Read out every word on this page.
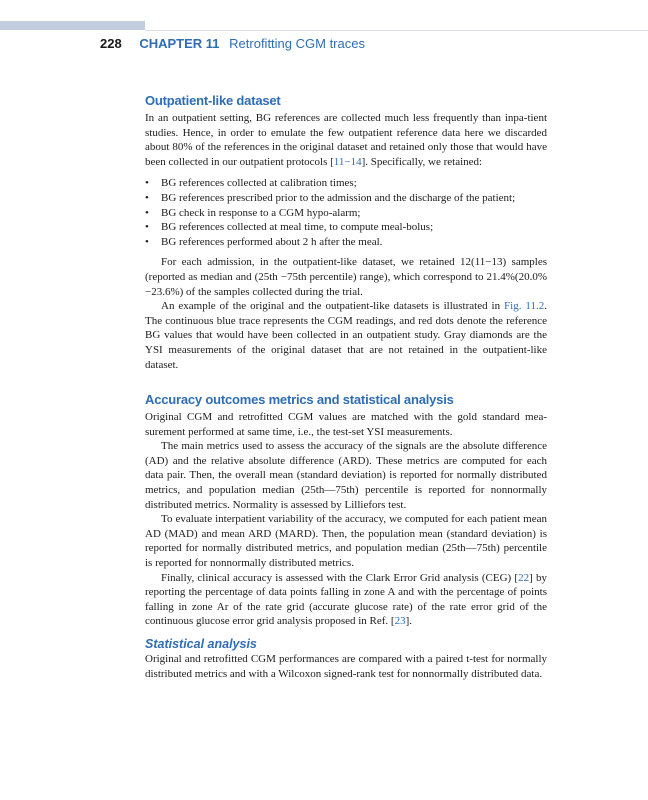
228 CHAPTER 11 Retrofitting CGM traces
Outpatient-like dataset

In an outpatient setting, BG references are collected much less frequently than inpa-tient studies. Hence, in order to emulate the few outpatient reference data here we discarded about 80% of the references in the original dataset and retained only those that would have been collected in our outpatient protocols [11−14]. Specifically, we retained:

• BG references collected at calibration times;
• BG references prescribed prior to the admission and the discharge of the patient;
• BG check in response to a CGM hypo-alarm;
• BG references collected at meal time, to compute meal-bolus;
• BG references performed about 2 h after the meal.

For each admission, in the outpatient-like dataset, we retained 12(11−13) samples (reported as median and (25th −75th percentile) range), which correspond to 21.4%(20.0% −23.6%) of the samples collected during the trial.

An example of the original and the outpatient-like datasets is illustrated in Fig. 11.2. The continuous blue trace represents the CGM readings, and red dots denote the reference BG values that would have been collected in an outpatient study. Gray diamonds are the YSI measurements of the original dataset that are not retained in the outpatient-like dataset.

Accuracy outcomes metrics and statistical analysis

Original CGM and retrofitted CGM values are matched with the gold standard mea-surement performed at same time, i.e., the test-set YSI measurements.

The main metrics used to assess the accuracy of the signals are the absolute difference (AD) and the relative absolute difference (ARD). These metrics are computed for each data pair. Then, the overall mean (standard deviation) is reported for normally distributed metrics, and population median (25th—75th) percentile is reported for nonnormally distributed metrics. Normality is assessed by Lilliefors test.

To evaluate interpatient variability of the accuracy, we computed for each patient mean AD (MAD) and mean ARD (MARD). Then, the population mean (standard deviation) is reported for normally distributed metrics, and population median (25th—75th) percentile is reported for nonnormally distributed metrics.

Finally, clinical accuracy is assessed with the Clark Error Grid analysis (CEG) [22] by reporting the percentage of data points falling in zone A and with the percentage of points falling in zone Ar of the rate grid (accurate glucose rate) of the rate error grid of the continuous glucose error grid analysis proposed in Ref. [23].

Statistical analysis

Original and retrofitted CGM performances are compared with a paired t-test for normally distributed metrics and with a Wilcoxon signed-rank test for nonnormally distributed data.
